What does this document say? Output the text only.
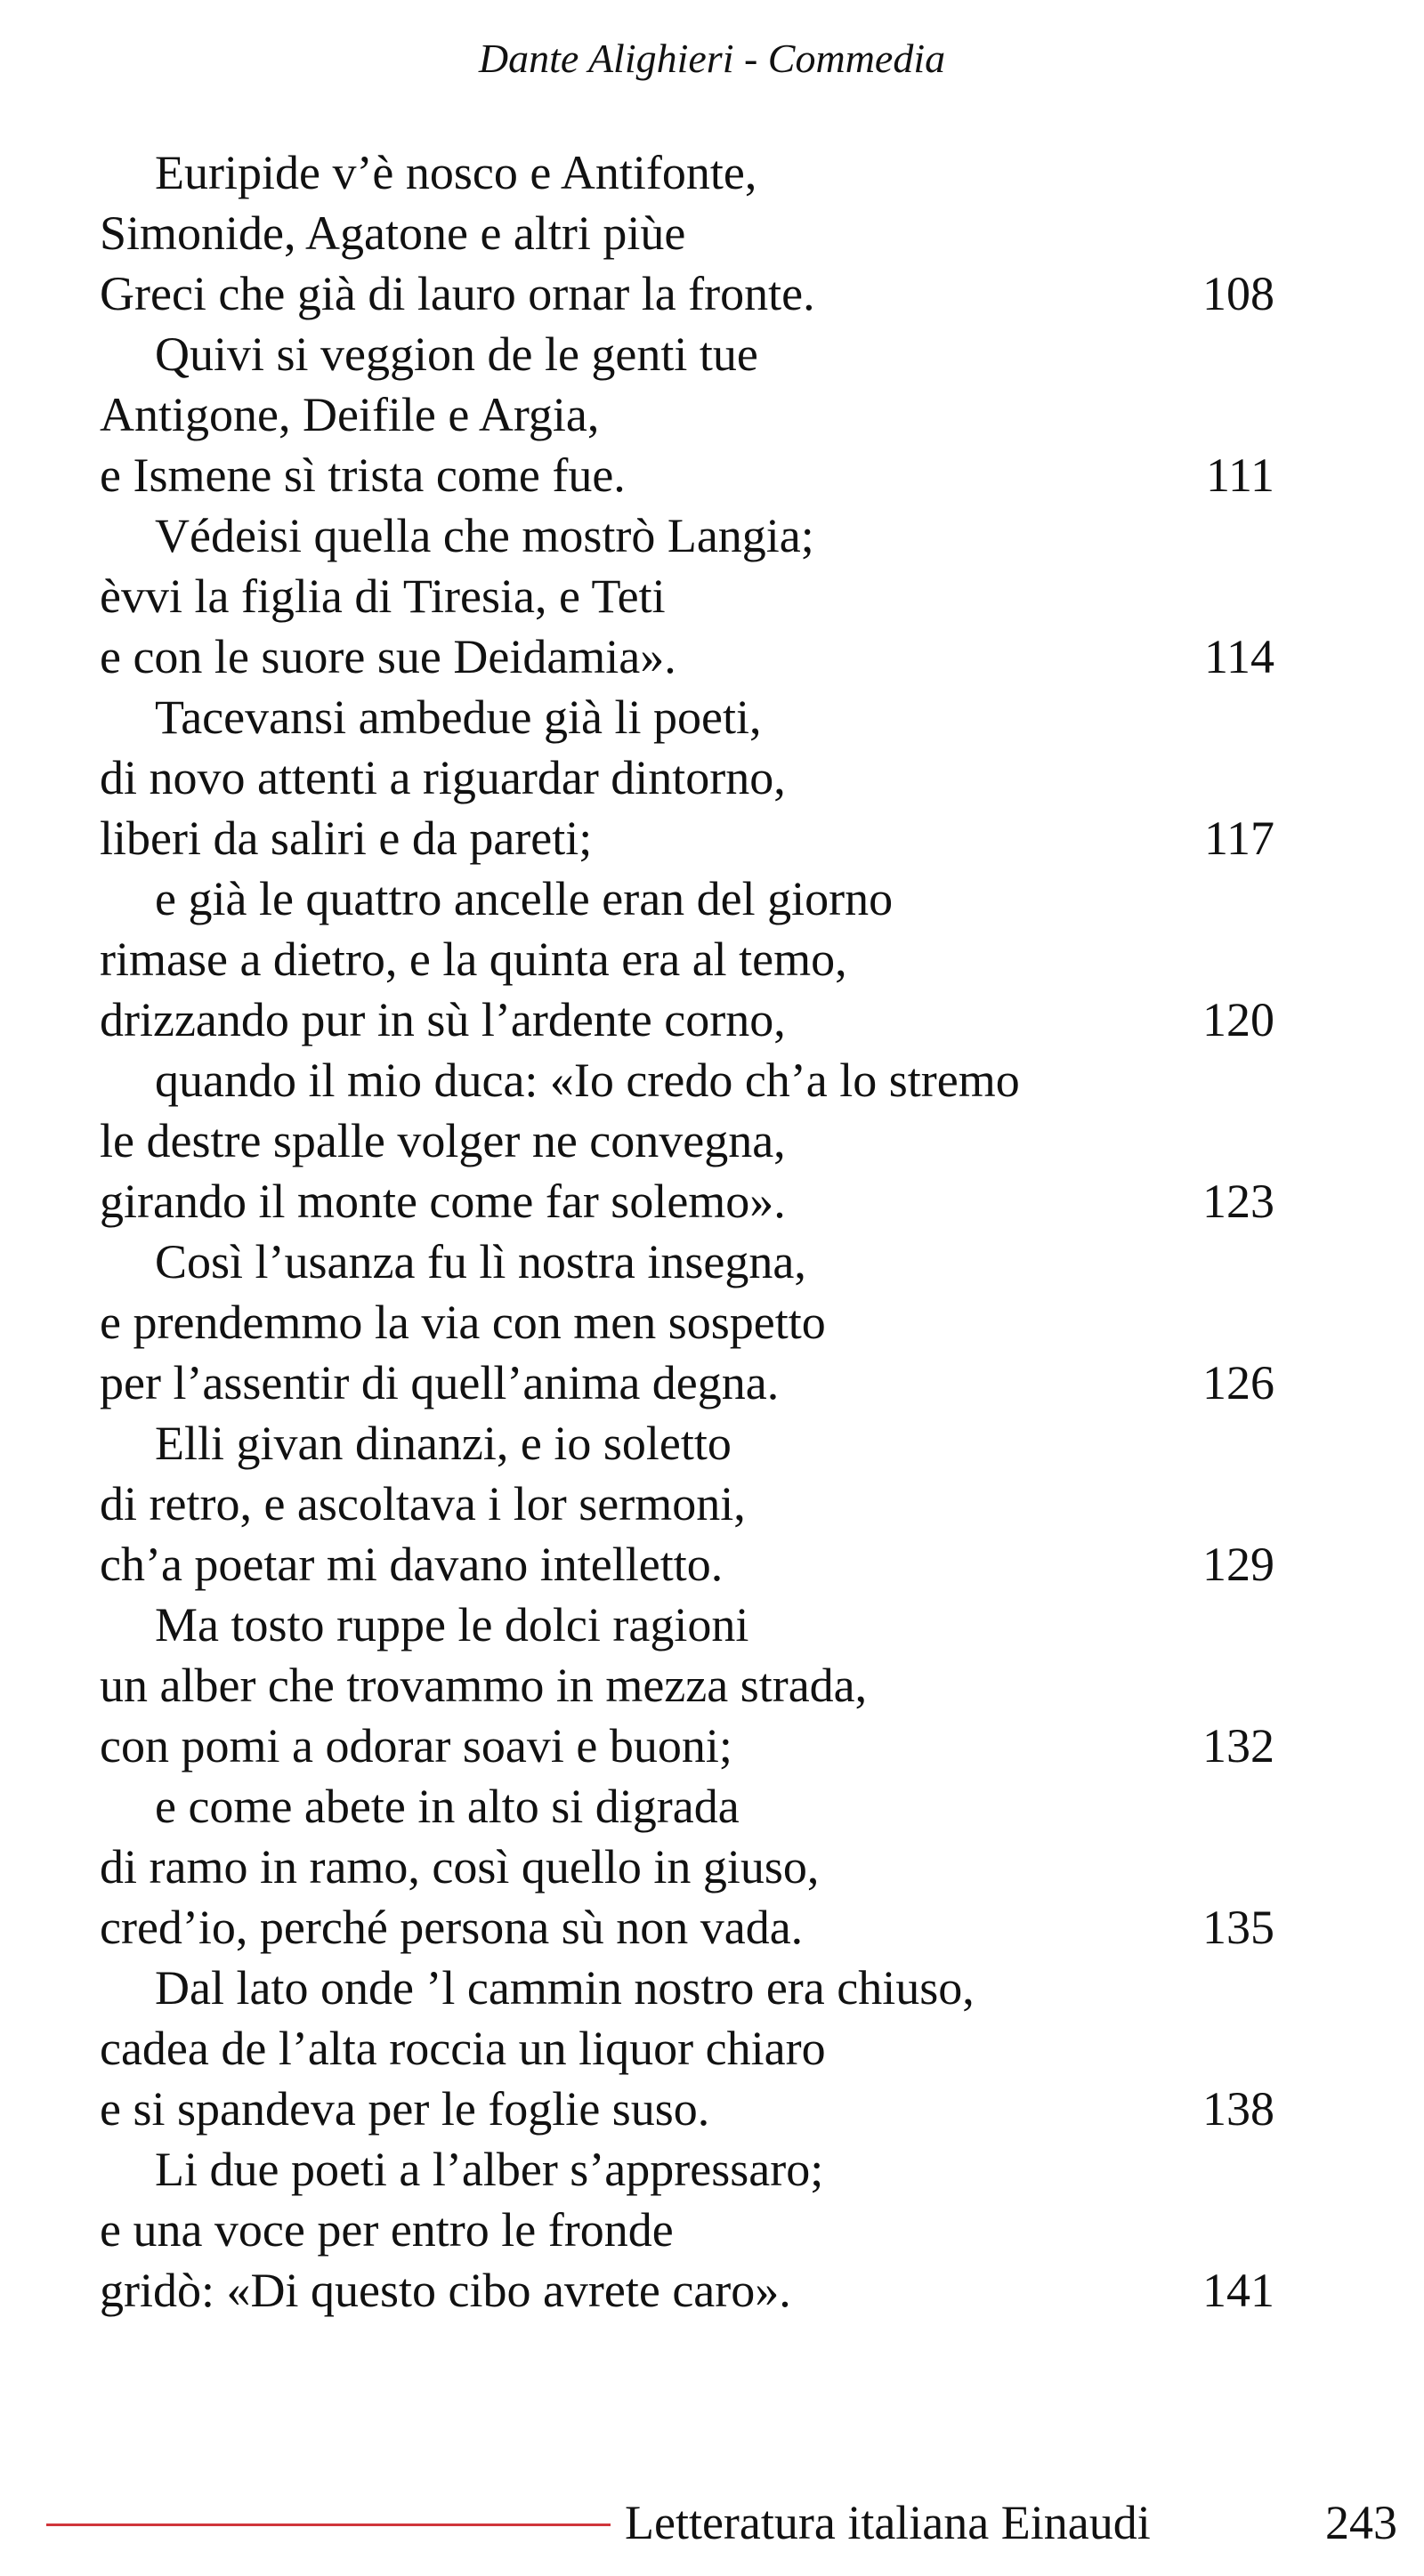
Dante Alighieri - Commedia
Euripide v’è nosco e Antifonte,
Simonide, Agatone e altri piùe
Greci che già di lauro ornar la fronte.	108
Quivi si veggion de le genti tue
Antigone, Deifile e Argia,
e Ismene sì trista come fue.	111
Védeisi quella che mostrò Langia;
èvvi la figlia di Tiresia, e Teti
e con le suore sue Deidamia».	114
Tacevansi ambedue già li poeti,
di novo attenti a riguardar dintorno,
liberi da saliri e da pareti;	117
e già le quattro ancelle eran del giorno
rimase a dietro, e la quinta era al temo,
drizzando pur in sù l’ardente corno,	120
quando il mio duca: «Io credo ch’a lo stremo
le destre spalle volger ne convegna,
girando il monte come far solemo».	123
Così l’usanza fu lì nostra insegna,
e prendemmo la via con men sospetto
per l’assentir di quell’anima degna.	126
Elli givan dinanzi, e io soletto
di retro, e ascoltava i lor sermoni,
ch’a poetar mi davano intelletto.	129
Ma tosto ruppe le dolci ragioni
un alber che trovammo in mezza strada,
con pomi a odorar soavi e buoni;	132
e come abete in alto si digrada
di ramo in ramo, così quello in giuso,
cred’io, perché persona sù non vada.	135
Dal lato onde ’l cammin nostro era chiuso,
cadea de l’alta roccia un liquor chiaro
e si spandeva per le foglie suso.	138
Li due poeti a l’alber s’appressaro;
e una voce per entro le fronde
gridò: «Di questo cibo avrete caro».	141
Letteratura italiana Einaudi	243
